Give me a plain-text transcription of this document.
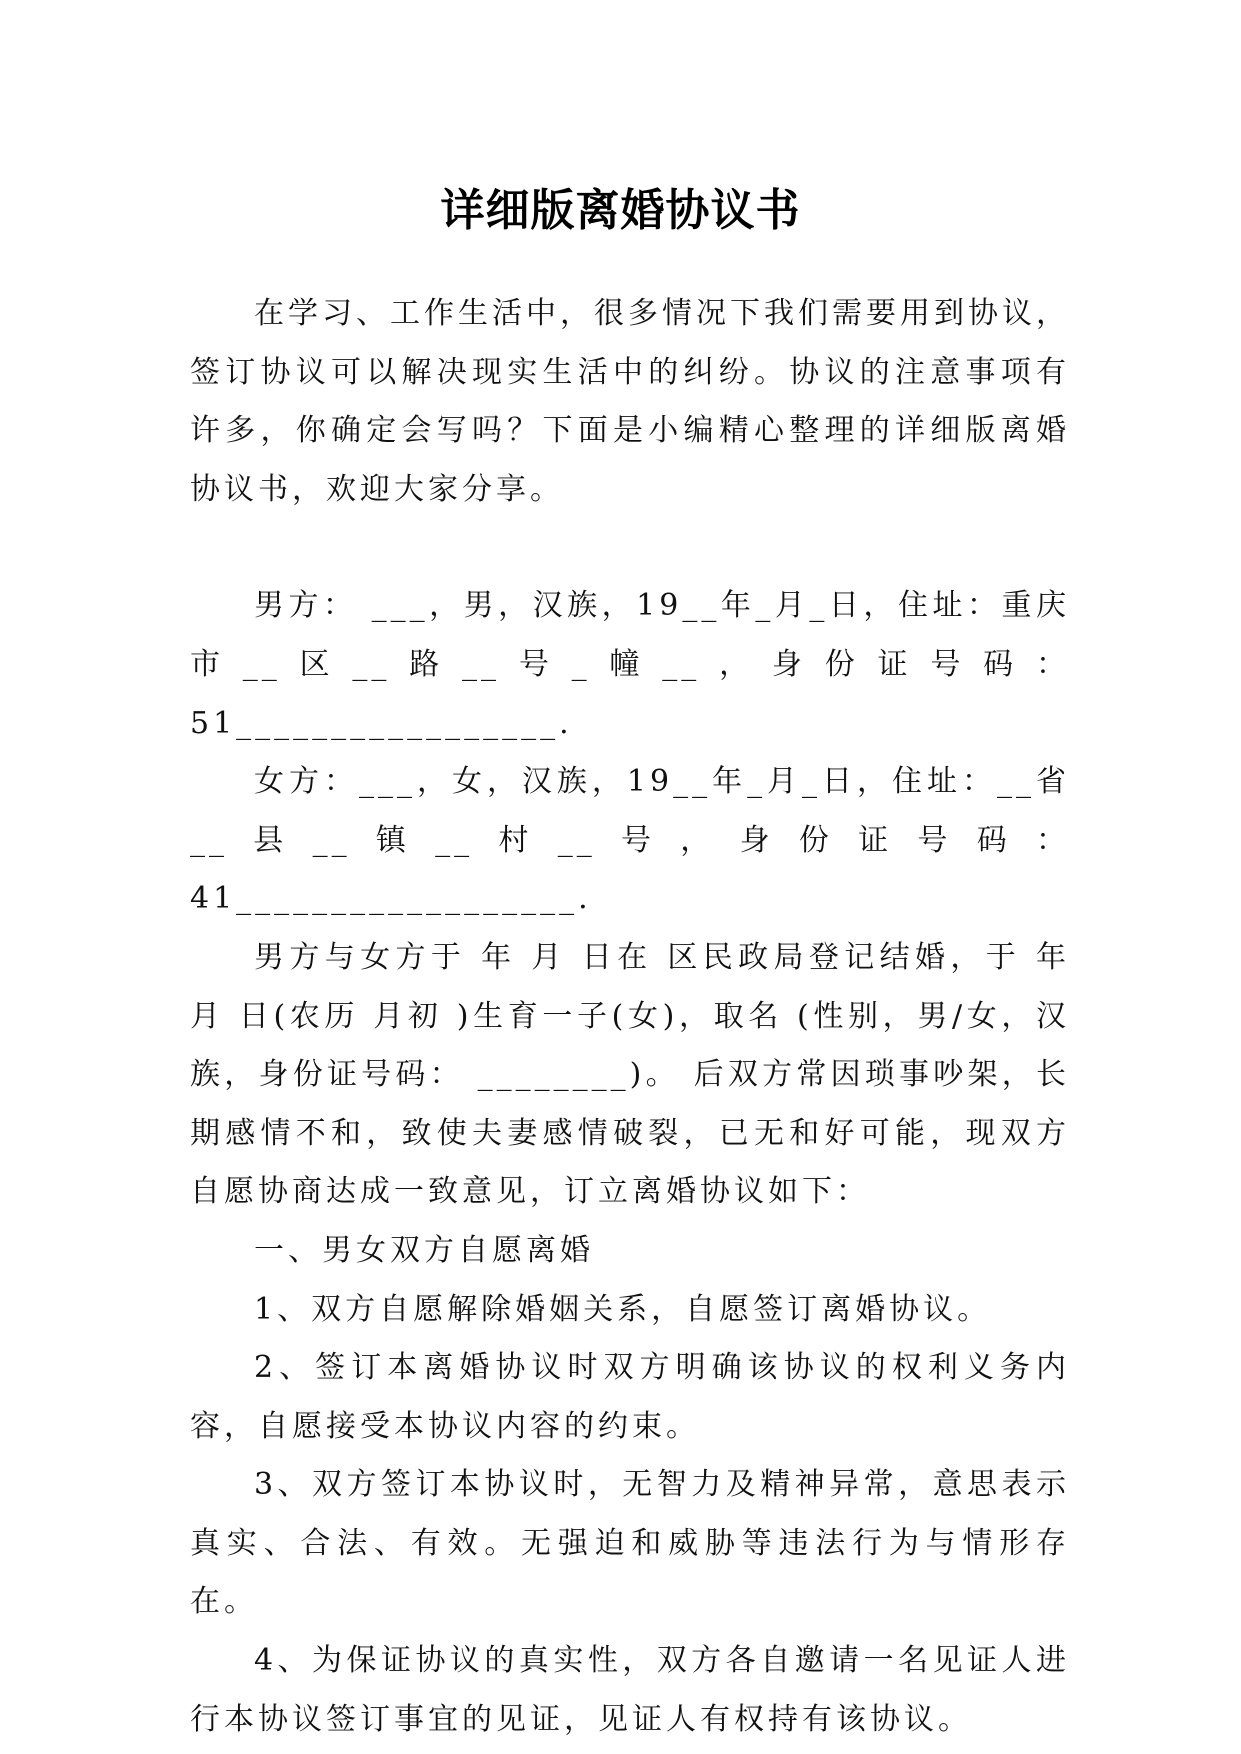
详细版离婚协议书

在学习、工作生活中，很多情况下我们需要用到协议，签订协议可以解决现实生活中的纠纷。协议的注意事项有许多，你确定会写吗？下面是小编精心整理的详细版离婚协议书，欢迎大家分享。

男方： ___，男，汉族，19__年_月_日，住址：重庆市__区__路__号_幢__，身份证号码：51_________________.

女方：___，女，汉族，19__年_月_日，住址：__省__县__镇__村__号，身份证号码：41__________________.

男方与女方于 年 月 日在 区民政局登记结婚，于 年 月 日(农历 月初 )生育一子(女)，取名 (性别，男/女，汉族，身份证号码： ________)。 后双方常因琐事吵架，长期感情不和，致使夫妻感情破裂，已无和好可能，现双方自愿协商达成一致意见，订立离婚协议如下：

一、男女双方自愿离婚

1、双方自愿解除婚姻关系，自愿签订离婚协议。

2、签订本离婚协议时双方明确该协议的权利义务内容，自愿接受本协议内容的约束。

3、双方签订本协议时，无智力及精神异常，意思表示真实、合法、有效。无强迫和威胁等违法行为与情形存在。

4、为保证协议的真实性，双方各自邀请一名见证人进行本协议签订事宜的见证，见证人有权持有该协议。
